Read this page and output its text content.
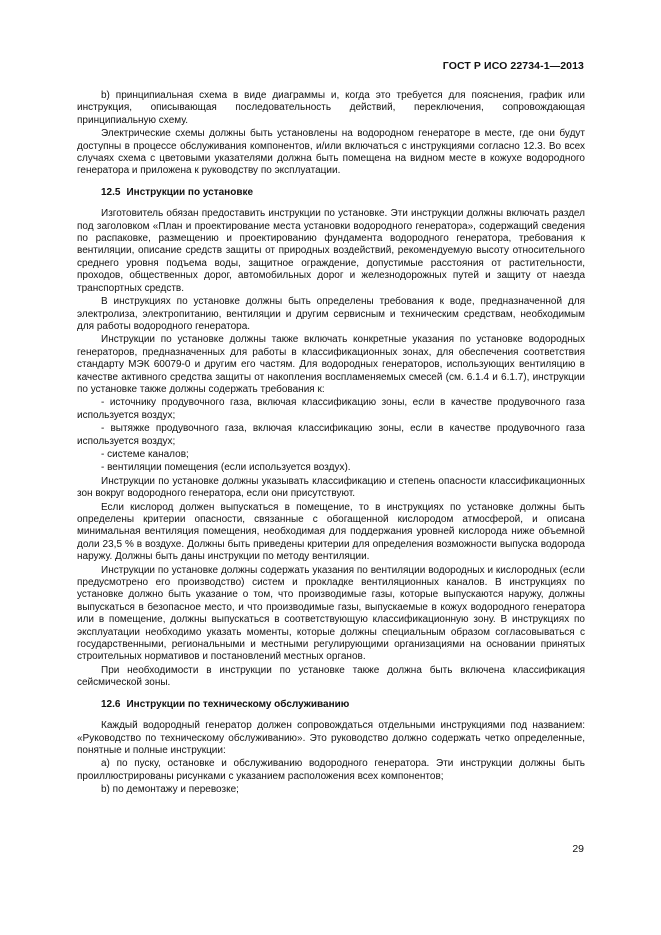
ГОСТ Р ИСО 22734-1—2013
b) принципиальная схема в виде диаграммы и, когда это требуется для пояснения, график или инструкция, описывающая последовательность действий, переключения, сопровождающая принципиальную схему.
Электрические схемы должны быть установлены на водородном генераторе в месте, где они будут доступны в процессе обслуживания компонентов, и/или включаться с инструкциями согласно 12.3. Во всех случаях схема с цветовыми указателями должна быть помещена на видном месте в кожухе водородного генератора и приложена к руководству по эксплуатации.
12.5 Инструкции по установке
Изготовитель обязан предоставить инструкции по установке. Эти инструкции должны включать раздел под заголовком «План и проектирование места установки водородного генератора», содержащий сведения по распаковке, размещению и проектированию фундамента водородного генератора, требования к вентиляции, описание средств защиты от природных воздействий, рекомендуемую высоту относительного среднего уровня подъема воды, защитное ограждение, допустимые расстояния от растительности, проходов, общественных дорог, автомобильных дорог и железнодорожных путей и защиту от наезда транспортных средств.
В инструкциях по установке должны быть определены требования к воде, предназначенной для электролиза, электропитанию, вентиляции и другим сервисным и техническим средствам, необходимым для работы водородного генератора.
Инструкции по установке должны также включать конкретные указания по установке водородных генераторов, предназначенных для работы в классификационных зонах, для обеспечения соответствия стандарту МЭК 60079-0 и другим его частям. Для водородных генераторов, использующих вентиляцию в качестве активного средства защиты от накопления воспламеняемых смесей (см. 6.1.4 и 6.1.7), инструкции по установке также должны содержать требования к:
- источнику продувочного газа, включая классификацию зоны, если в качестве продувочного газа используется воздух;
- вытяжке продувочного газа, включая классификацию зоны, если в качестве продувочного газа используется воздух;
- системе каналов;
- вентиляции помещения (если используется воздух).
Инструкции по установке должны указывать классификацию и степень опасности классификационных зон вокруг водородного генератора, если они присутствуют.
Если кислород должен выпускаться в помещение, то в инструкциях по установке должны быть определены критерии опасности, связанные с обогащенной кислородом атмосферой, и описана минимальная вентиляция помещения, необходимая для поддержания уровней кислорода ниже объемной доли 23,5 % в воздухе. Должны быть приведены критерии для определения возможности выпуска водорода наружу. Должны быть даны инструкции по методу вентиляции.
Инструкции по установке должны содержать указания по вентиляции водородных и кислородных (если предусмотрено его производство) систем и прокладке вентиляционных каналов. В инструкциях по установке должно быть указание о том, что производимые газы, которые выпускаются наружу, должны выпускаться в безопасное место, и что производимые газы, выпускаемые в кожух водородного генератора или в помещение, должны выпускаться в соответствующую классификационную зону. В инструкциях по эксплуатации необходимо указать моменты, которые должны специальным образом согласовываться с государственными, региональными и местными регулирующими организациями на основании принятых строительных нормативов и постановлений местных органов.
При необходимости в инструкции по установке также должна быть включена классификация сейсмической зоны.
12.6 Инструкции по техническому обслуживанию
Каждый водородный генератор должен сопровождаться отдельными инструкциями под названием: «Руководство по техническому обслуживанию». Это руководство должно содержать четко определенные, понятные и полные инструкции:
a) по пуску, остановке и обслуживанию водородного генератора. Эти инструкции должны быть проиллюстрированы рисунками с указанием расположения всех компонентов;
b) по демонтажу и перевозке;
29
